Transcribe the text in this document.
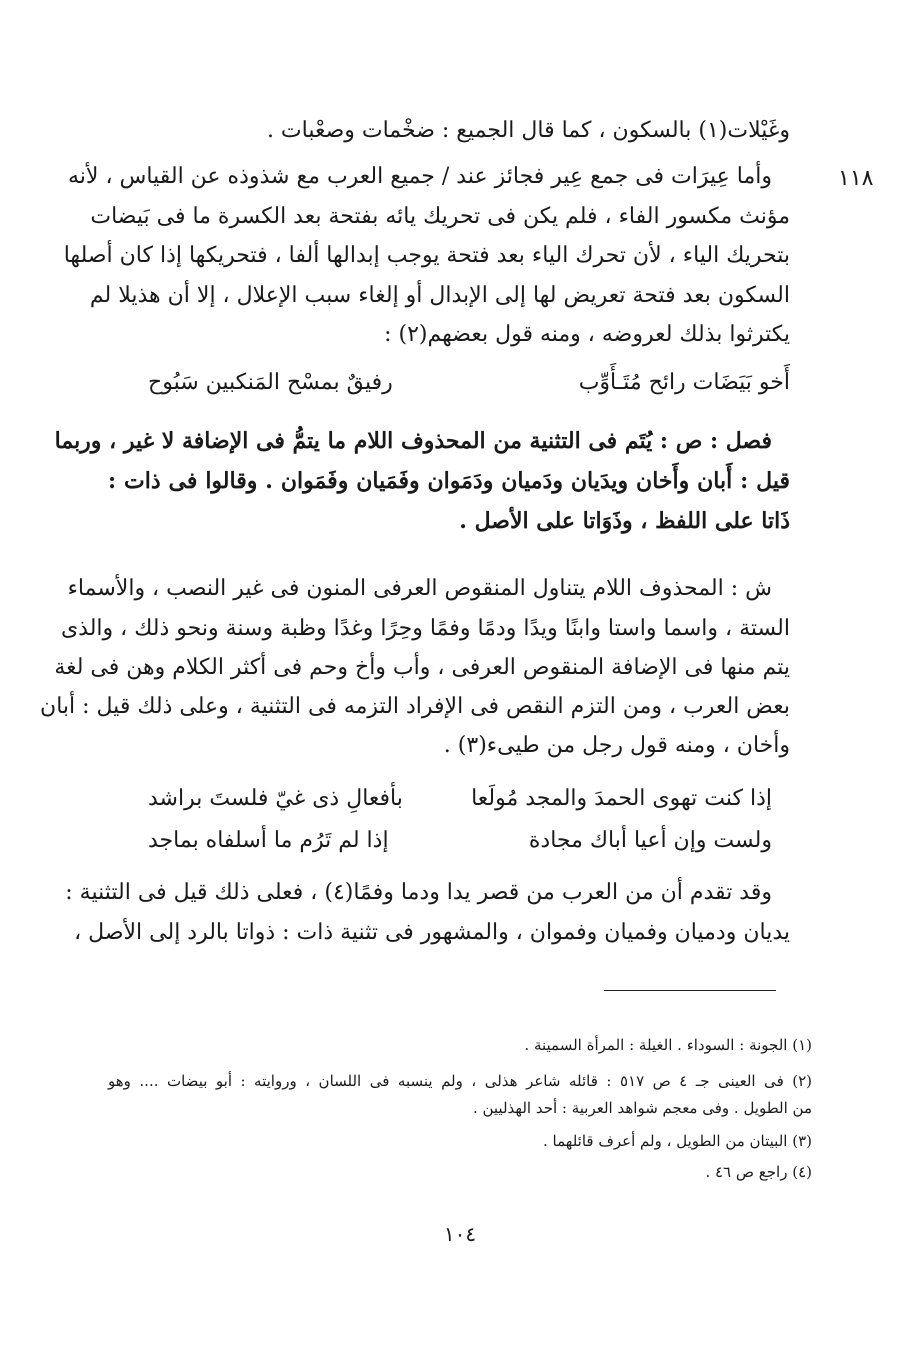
١١٨
وغَيْلات(١) بالسكون ، كما قال الجميع : ضخْمات وصعْبات .
وأما عِيرَات فى جمع عِير فجائز عند / جميع العرب مع شذوذه عن القياس ، لأنه
مؤنث مكسور الفاء ، فلم يكن فى تحريك يائه بفتحة بعد الكسرة ما فى بَيضات
بتحريك الياء ، لأن تحرك الياء بعد فتحة يوجب إبدالها ألفا ، فتحريكها إذا كان أصلها
السكون بعد فتحة تعريض لها إلى الإبدال أو إلغاء سبب الإعلال ، إلا أن هذيلا لم
يكترثوا بذلك لعروضه ، ومنه قول بعضهم(٢) :
أَخو بَيَضَات رائح مُتَـأَوِّب
رفيقٌ بمسْح المَنكبين سَبُوح
فصل : ص : يُتَم فى التثنية من المحذوف اللام ما يتمُّ فى الإضافة لا غير ، وربما
قيل : أَبان وأَخان ويدَيان ودَميان ودَمَوان وفَمَيان وفَمَوان . وقالوا فى ذات :
ذَاتا على اللفظ ، وذَوَاتا على الأصل .
ش : المحذوف اللام يتناول المنقوص العرفى المنون فى غير النصب ، والأسماء
الستة ، واسما واستا وابنًا ويدًا ودمًا وفمًا وحِرًا وغدًا وظبة وسنة ونحو ذلك ، والذى
يتم منها فى الإضافة المنقوص العرفى ، وأب وأخ وحم فى أكثر الكلام وهن فى لغة
بعض العرب ، ومن التزم النقص فى الإفراد التزمه فى التثنية ، وعلى ذلك قيل : أبان
وأخان ، ومنه قول رجل من طيىء(٣) .
إذا كنت تهوى الحمدَ والمجد مُولَعا
بأفعالِ ذى غيّ فلستَ براشد
ولست وإن أعيا أباك مجادة
إذا لم تَرُم ما أسلفاه بماجد
وقد تقدم أن من العرب من قصر يدا ودما وفمًا(٤) ، فعلى ذلك قيل فى التثنية :
يديان ودميان وفميان وفموان ، والمشهور فى تثنية ذات : ذواتا بالرد إلى الأصل ،
(١) الجونة : السوداء . الغيلة : المرأة السمينة .
(٢) فى العينى جـ ٤ ص ٥١٧ : قائله شاعر هذلى ، ولم ينسبه فى اللسان ، وروايته : أبو بيضات .... وهو
من الطويل . وفى معجم شواهد العربية : أحد الهذليين .
(٣) البيتان من الطويل ، ولم أعرف قائلهما .
(٤) راجع ص ٤٦ .
١٠٤
